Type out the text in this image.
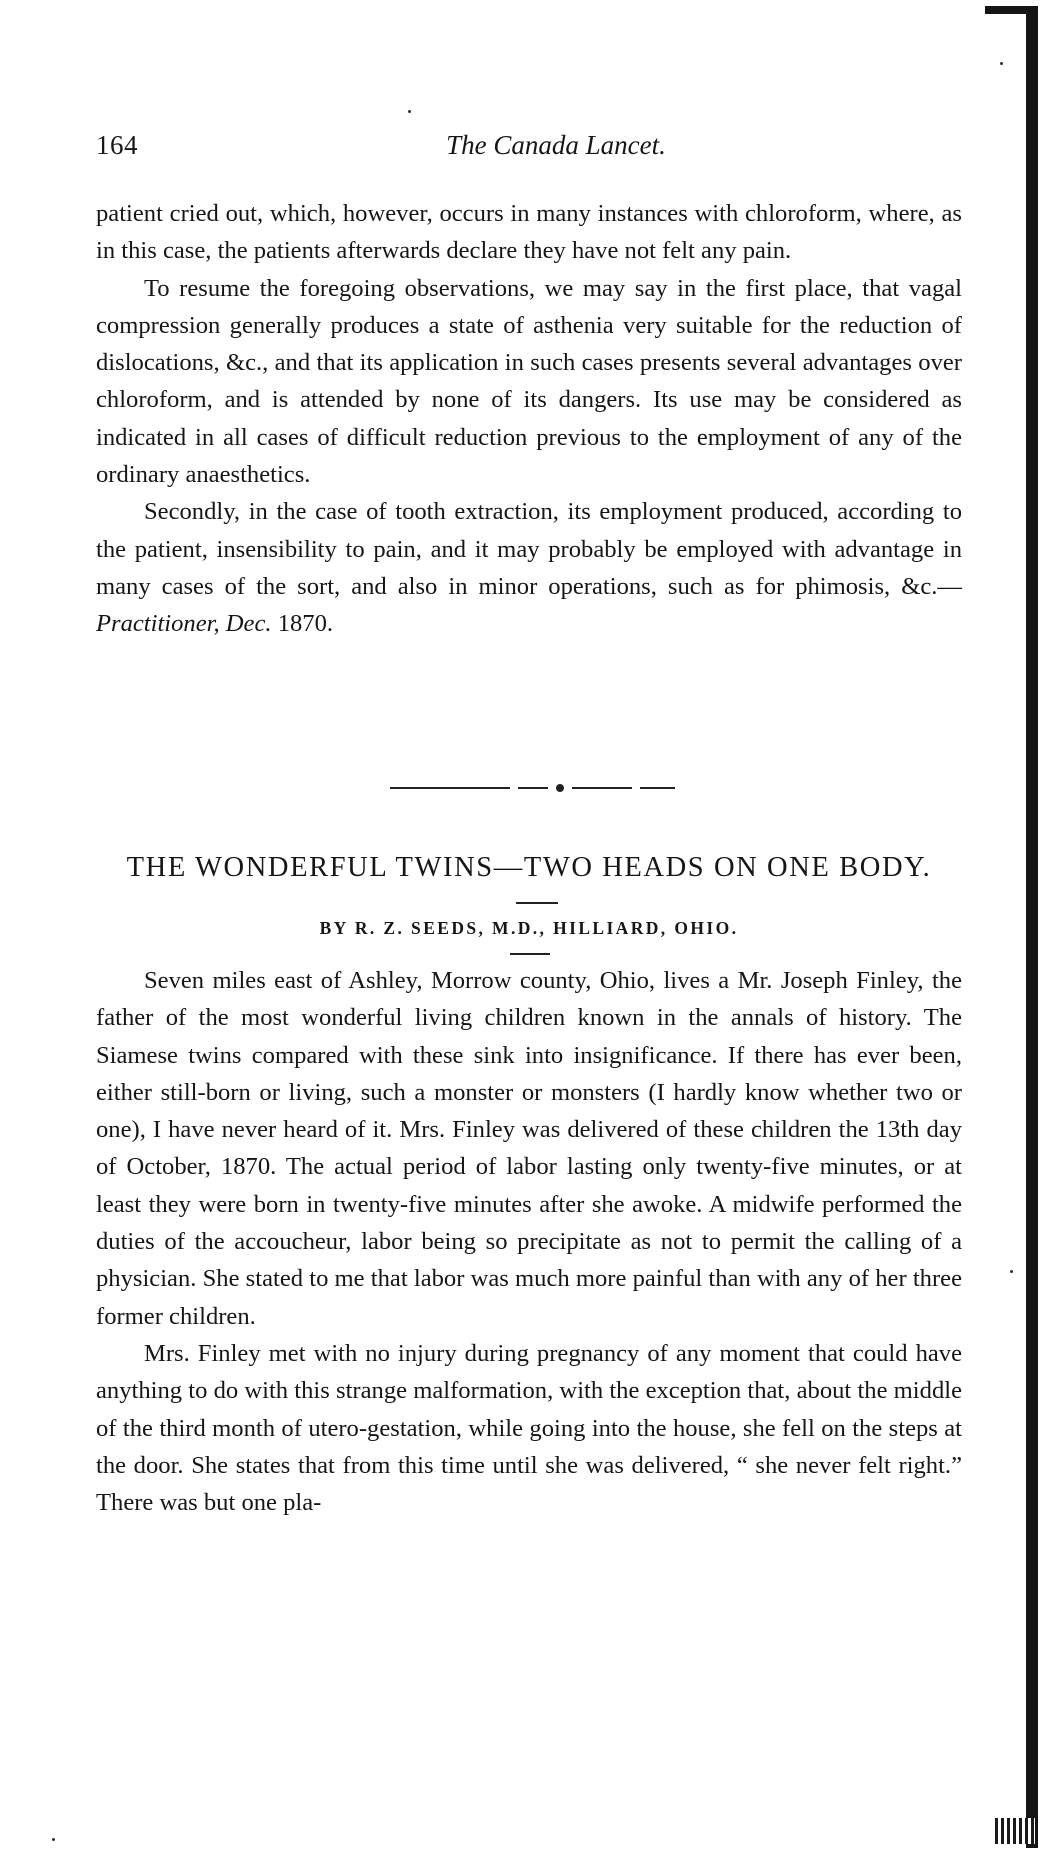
164	The Canada Lancet.

patient cried out, which, however, occurs in many instances with chloroform, where, as in this case, the patients afterwards declare they have not felt any pain.

To resume the foregoing observations, we may say in the first place, that vagal compression generally produces a state of asthenia very suitable for the reduction of dislocations, &c., and that its application in such cases presents several advantages over chloroform, and is attended by none of its dangers. Its use may be considered as indicated in all cases of difficult reduction previous to the employment of any of the ordinary anaesthetics.

Secondly, in the case of tooth extraction, its employment produced, according to the patient, insensibility to pain, and it may probably be employed with advantage in many cases of the sort, and also in minor operations, such as for phimosis, &c.—Practitioner, Dec. 1870.

THE WONDERFUL TWINS—TWO HEADS ON ONE BODY.
BY R. Z. SEEDS, M.D., HILLIARD, OHIO.

Seven miles east of Ashley, Morrow county, Ohio, lives a Mr. Joseph Finley, the father of the most wonderful living children known in the annals of history. The Siamese twins compared with these sink into insignificance. If there has ever been, either still-born or living, such a monster or monsters (I hardly know whether two or one), I have never heard of it. Mrs. Finley was delivered of these children the 13th day of October, 1870. The actual period of labor lasting only twenty-five minutes, or at least they were born in twenty-five minutes after she awoke. A midwife performed the duties of the accoucheur, labor being so precipitate as not to permit the calling of a physician. She stated to me that labor was much more painful than with any of her three former children.

Mrs. Finley met with no injury during pregnancy of any moment that could have anything to do with this strange malformation, with the exception that, about the middle of the third month of utero-gestation, while going into the house, she fell on the steps at the door. She states that from this time until she was delivered, “ she never felt right.” There was but one pla-
